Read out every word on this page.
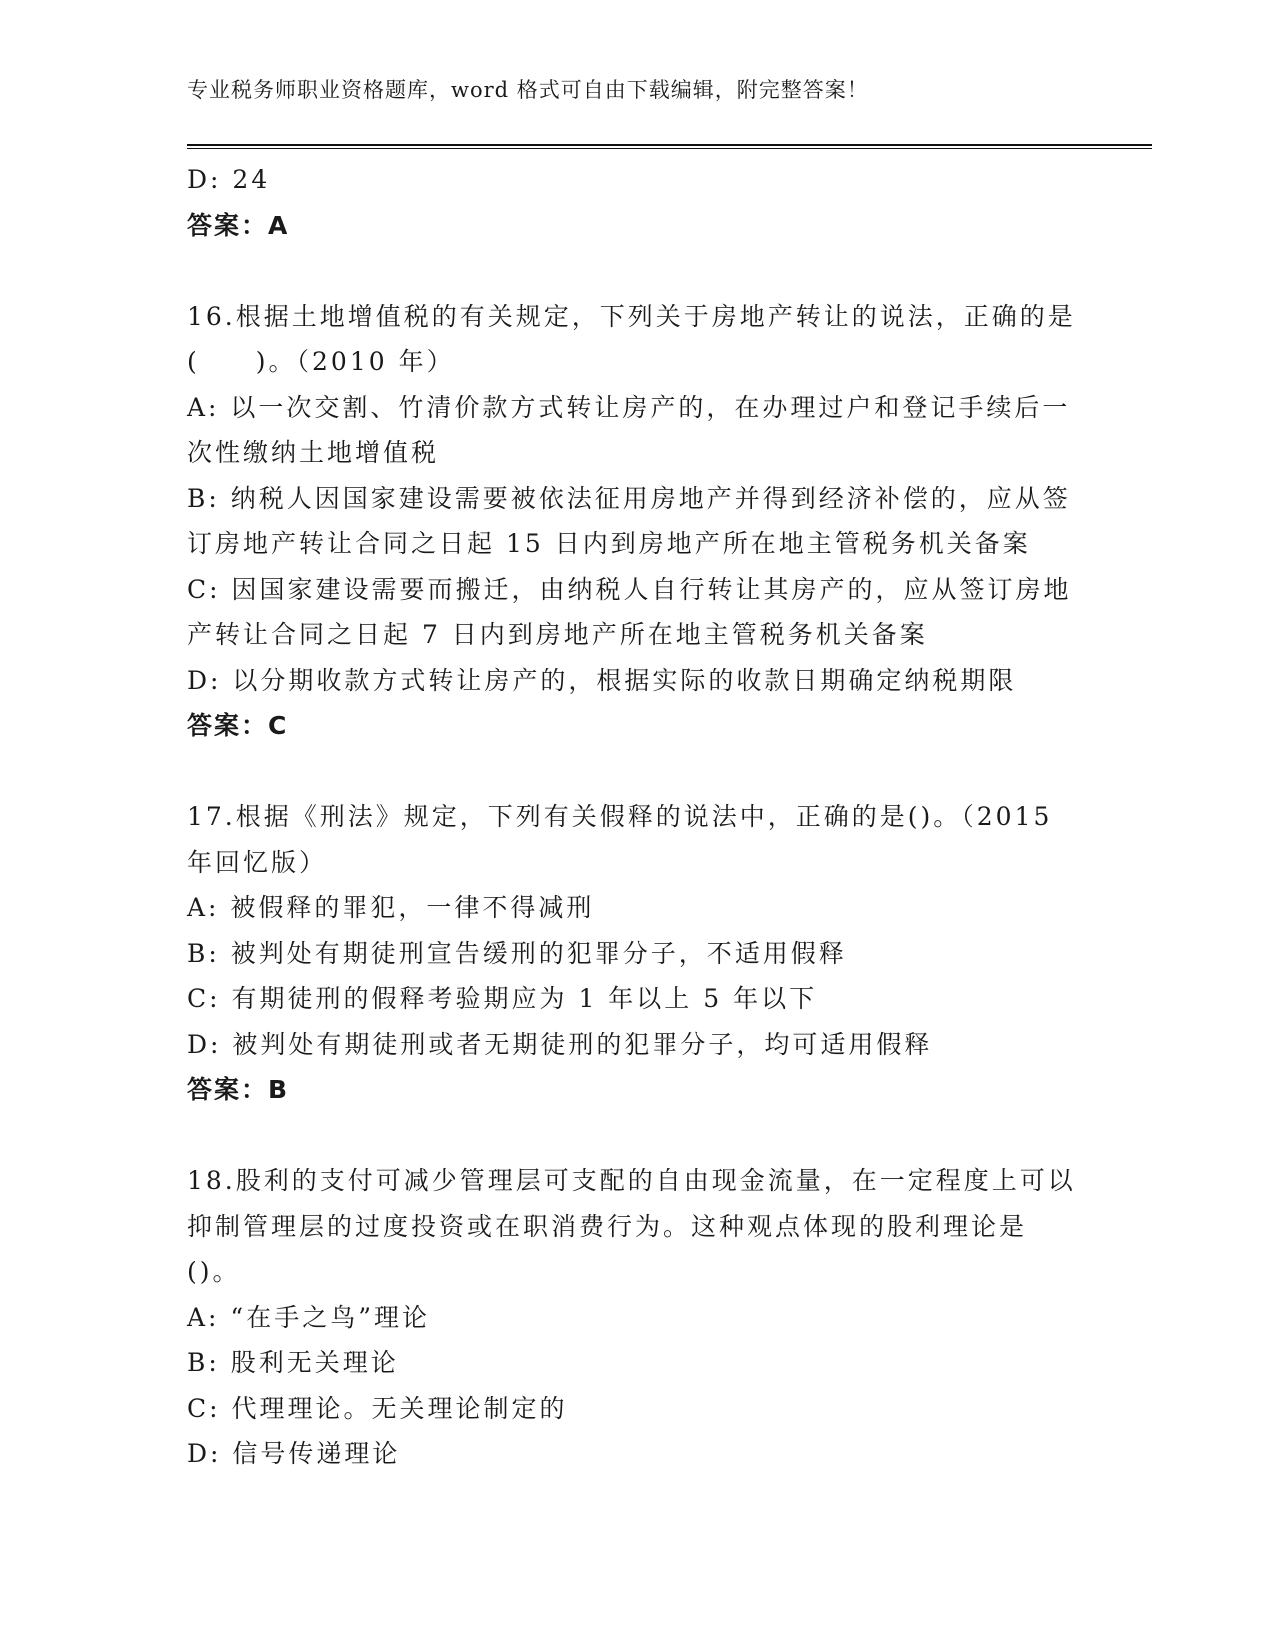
专业税务师职业资格题库，word 格式可自由下载编辑，附完整答案！
D: 24
答案：A
16.根据土地增值税的有关规定，下列关于房地产转让的说法，正确的是(　　)。（2010 年）
A: 以一次交割、竹清价款方式转让房产的，在办理过户和登记手续后一次性缴纳土地增值税
B: 纳税人因国家建设需要被依法征用房地产并得到经济补偿的，应从签订房地产转让合同之日起 15 日内到房地产所在地主管税务机关备案
C: 因国家建设需要而搬迁，由纳税人自行转让其房产的，应从签订房地产转让合同之日起 7 日内到房地产所在地主管税务机关备案
D: 以分期收款方式转让房产的，根据实际的收款日期确定纳税期限
答案：C
17.根据《刑法》规定，下列有关假释的说法中，正确的是()。（2015 年回忆版）
A: 被假释的罪犯，一律不得减刑
B: 被判处有期徒刑宣告缓刑的犯罪分子，不适用假释
C: 有期徒刑的假释考验期应为 1 年以上 5 年以下
D: 被判处有期徒刑或者无期徒刑的犯罪分子，均可适用假释
答案：B
18.股利的支付可减少管理层可支配的自由现金流量，在一定程度上可以抑制管理层的过度投资或在职消费行为。这种观点体现的股利理论是()。
A: “在手之鸟”理论
B: 股利无关理论
C: 代理理论。无关理论制定的
D: 信号传递理论
